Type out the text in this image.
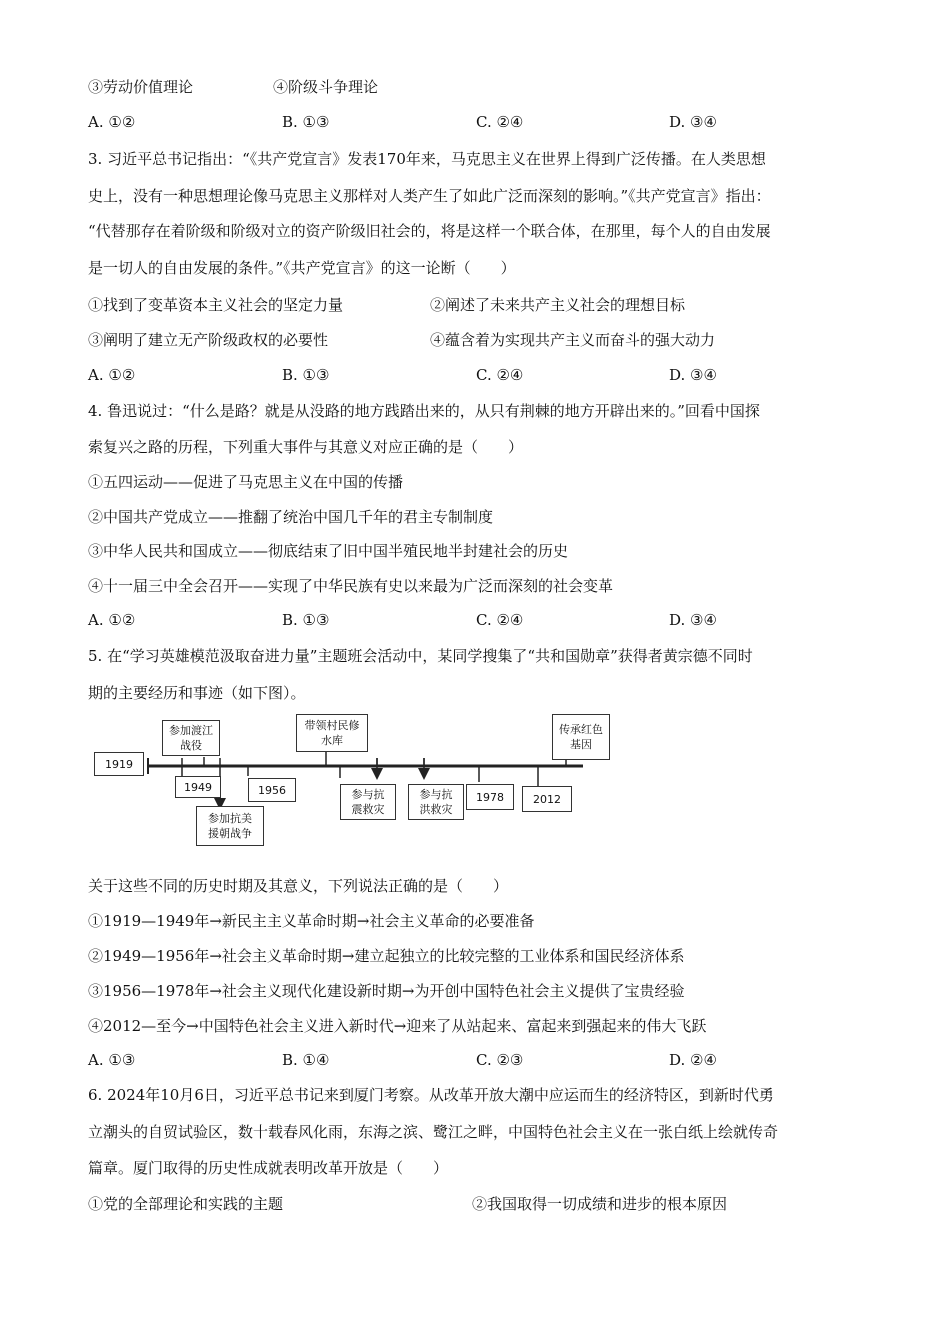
③劳动价值理论	④阶级斗争理论
A. ①②	B. ①③	C. ②④	D. ③④
3. 习近平总书记指出：“《共产党宣言》发表170年来，马克思主义在世界上得到广泛传播。在人类思想
史上，没有一种思想理论像马克思主义那样对人类产生了如此广泛而深刻的影响。”《共产党宣言》指出：
“代替那存在着阶级和阶级对立的资产阶级旧社会的，将是这样一个联合体，在那里，每个人的自由发展
是一切人的自由发展的条件。”《共产党宣言》的这一论断（　　）
①找到了变革资本主义社会的坚定力量	②阐述了未来共产主义社会的理想目标
③阐明了建立无产阶级政权的必要性	④蕴含着为实现共产主义而奋斗的强大动力
A. ①②	B. ①③	C. ②④	D. ③④
4. 鲁迅说过：“什么是路？就是从没路的地方践踏出来的，从只有荆棘的地方开辟出来的。”回看中国探
索复兴之路的历程，下列重大事件与其意义对应正确的是（　　）
①五四运动——促进了马克思主义在中国的传播
②中国共产党成立——推翻了统治中国几千年的君主专制制度
③中华人民共和国成立——彻底结束了旧中国半殖民地半封建社会的历史
④十一届三中全会召开——实现了中华民族有史以来最为广泛而深刻的社会变革
A. ①②	B. ①③	C. ②④	D. ③④
5. 在“学习英雄模范汲取奋进力量”主题班会活动中，某同学搜集了“共和国勋章”获得者黄宗德不同时
期的主要经历和事迹（如下图）。
1919
1949	1956
1978	2012
参加渡江战役
参加抗美援朝战争
带领村民修水库
参与抗震救灾
参与抗洪救灾
传承红色基因
关于这些不同的历史时期及其意义，下列说法正确的是（　　）
①1919—1949年→新民主主义革命时期→社会主义革命的必要准备
②1949—1956年→社会主义革命时期→建立起独立的比较完整的工业体系和国民经济体系
③1956—1978年→社会主义现代化建设新时期→为开创中国特色社会主义提供了宝贵经验
④2012—至今→中国特色社会主义进入新时代→迎来了从站起来、富起来到强起来的伟大飞跃
A. ①③	B. ①④	C. ②③	D. ②④
6. 2024年10月6日，习近平总书记来到厦门考察。从改革开放大潮中应运而生的经济特区，到新时代勇
立潮头的自贸试验区，数十载春风化雨，东海之滨、鹭江之畔，中国特色社会主义在一张白纸上绘就传奇
篇章。厦门取得的历史性成就表明改革开放是（　　）
①党的全部理论和实践的主题	②我国取得一切成绩和进步的根本原因
